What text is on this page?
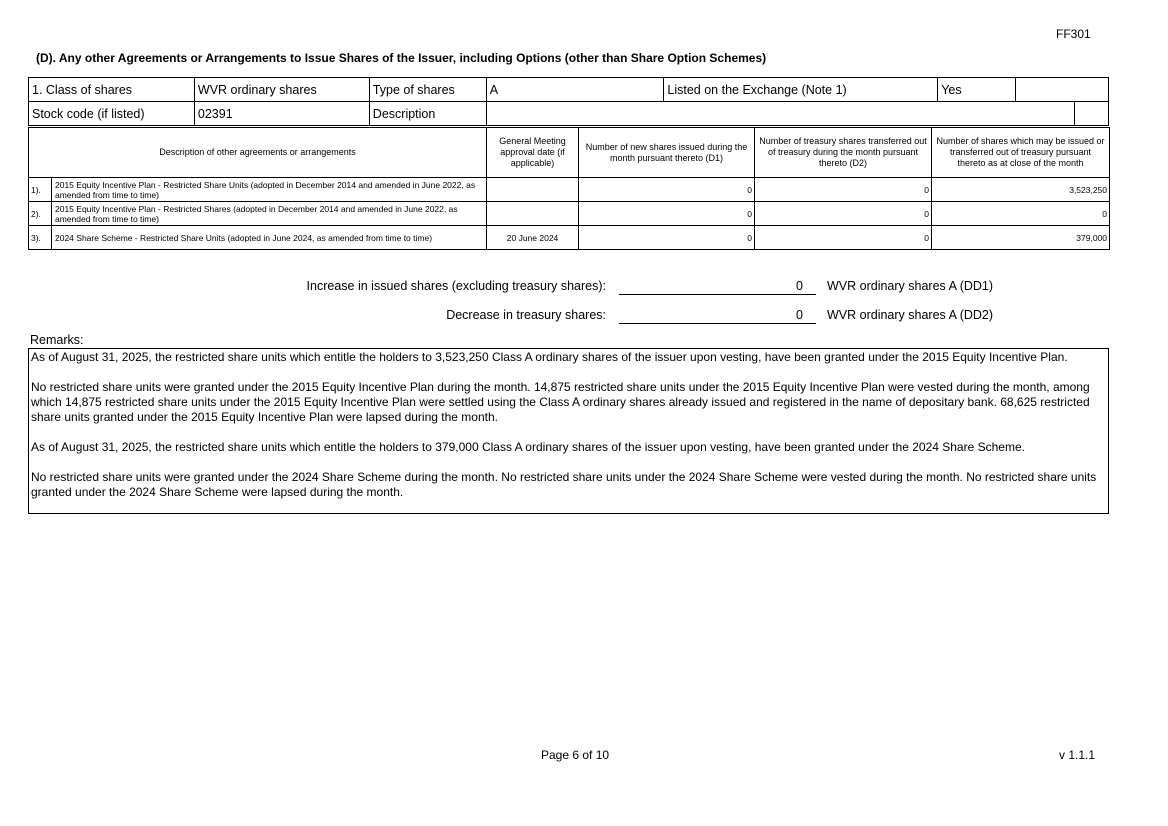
FF301
(D). Any other Agreements or Arrangements to Issue Shares of the Issuer, including Options (other than Share Option Schemes)
1. Class of shares	WVR ordinary shares	Type of shares	A	Listed on the Exchange (Note 1)	Yes		
Stock code (if listed)	02391	Description					
Description of other agreements or arrangements		General Meeting approval date (if applicable)	Number of new shares issued during the month pursuant thereto (D1)	Number of treasury shares transferred out of treasury during the month pursuant thereto (D2)	Number of shares which may be issued or transferred out of treasury pursuant thereto as at close of the month
1).	2015 Equity Incentive Plan - Restricted Share Units (adopted in December 2014 and amended in June 2022, as amended from time to time)		0	0	3,523,250
2).	2015 Equity Incentive Plan - Restricted Shares (adopted in December 2014 and amended in June 2022, as amended from time to time)		0	0	0
3).	2024 Share Scheme - Restricted Share Units (adopted in June 2024, as amended from time to time)	20 June 2024	0	0	379,000
Increase in issued shares (excluding treasury shares):	0	WVR ordinary shares A (DD1)
Decrease in treasury shares:	0	WVR ordinary shares A (DD2)
Remarks:

As of August 31, 2025, the restricted share units which entitle the holders to 3,523,250 Class A ordinary shares of the issuer upon vesting, have been granted under the 2015 Equity Incentive Plan.

No restricted share units were granted under the 2015 Equity Incentive Plan during the month. 14,875 restricted share units under the 2015 Equity Incentive Plan were vested during the month, among which 14,875 restricted share units under the 2015 Equity Incentive Plan were settled using the Class A ordinary shares already issued and registered in the name of depositary bank. 68,625 restricted share units granted under the 2015 Equity Incentive Plan were lapsed during the month.

As of August 31, 2025, the restricted share units which entitle the holders to 379,000 Class A ordinary shares of the issuer upon vesting, have been granted under the 2024 Share Scheme.

No restricted share units were granted under the 2024 Share Scheme during the month. No restricted share units under the 2024 Share Scheme were vested during the month. No restricted share units granted under the 2024 Share Scheme were lapsed during the month.

Page 6 of 10	v 1.1.1
